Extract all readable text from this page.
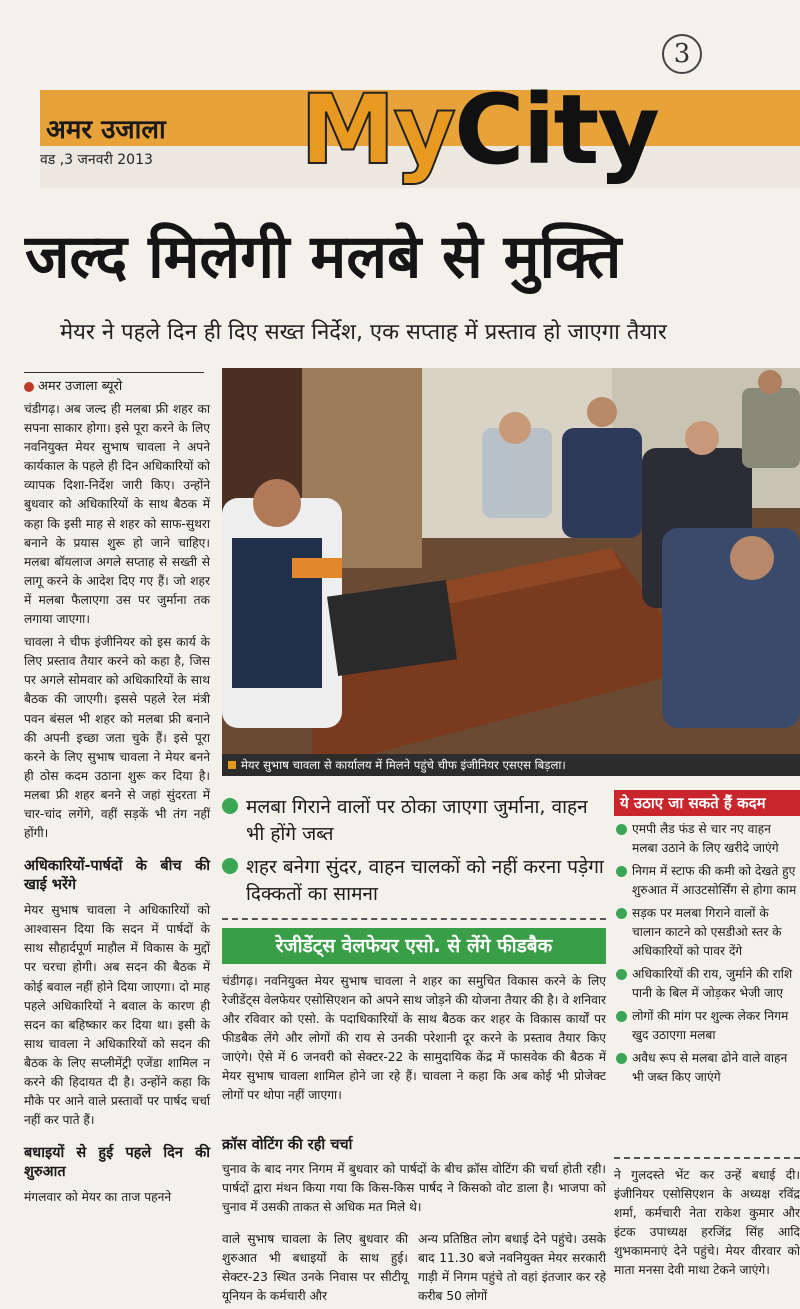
3
अमर उजाला
वड ,3 जनवरी 2013 MyCity
जल्द मिलेगी मलबे से मुक्ति
मेयर ने पहले दिन ही दिए सख्त निर्देश, एक सप्ताह में प्रस्ताव हो जाएगा तैयार
अमर उजाला ब्यूरो

चंडीगढ़। अब जल्द ही मलबा फ्री शहर का सपना साकार होगा। इसे पूरा करने के लिए नवनियुक्त मेयर सुभाष चावला ने अपने कार्यकाल के पहले ही दिन अधिकारियों को व्यापक दिशा-निर्देश जारी किए। उन्होंने बुधवार को अधिकारियों के साथ बैठक में कहा कि इसी माह से शहर को साफ-सुथरा बनाने के प्रयास शुरू हो जाने चाहिए। मलबा बॉयलाज अगले सप्ताह से सख्ती से लागू करने के आदेश दिए गए हैं। जो शहर में मलबा फैलाएगा उस पर जुर्माना तक लगाया जाएगा।

चावला ने चीफ इंजीनियर को इस कार्य के लिए प्रस्ताव तैयार करने को कहा है, जिस पर अगले सोमवार को अधिकारियों के साथ बैठक की जाएगी। इससे पहले रेल मंत्री पवन बंसल भी शहर को मलबा फ्री बनाने की अपनी इच्छा जता चुके हैं। इसे पूरा करने के लिए सुभाष चावला ने मेयर बनने ही ठोस कदम उठाना शुरू कर दिया है। मलबा फ्री शहर बनने से जहां सुंदरता में चार-चांद लगेंगे, वहीं सड़कें भी तंग नहीं होंगी।

अधिकारियों-पार्षदों के बीच की खाई भरेंगे

मेयर सुभाष चावला ने अधिकारियों को आश्वासन दिया कि सदन में पार्षदों के साथ सौहार्दपूर्ण माहौल में विकास के मुद्दों पर चरचा होगी। अब सदन की बैठक में कोई बवाल नहीं होने दिया जाएगा। दो माह पहले अधिकारियों ने बवाल के कारण ही सदन का बहिष्कार कर दिया था। इसी के साथ चावला ने अधिकारियों को सदन की बैठक के लिए सप्लीमेंट्री एजेंडा शामिल न करने की हिदायत दी है। उन्होंने कहा कि मौके पर आने वाले प्रस्तावों पर पार्षद चर्चा नहीं कर पाते हैं।

बधाइयों से हुई पहले दिन की शुरुआत

मंगलवार को मेयर का ताज पहनने

मेयर सुभाष चावला से कार्यालय में मिलने पहुंचे चीफ इंजीनियर एसएस बिड़ला।
मलबा गिराने वालों पर ठोका जाएगा जुर्माना, वाहन भी होंगे जब्त
शहर बनेगा सुंदर, वाहन चालकों को नहीं करना पड़ेगा दिक्कतों का सामना
रेजीडेंट्स वेलफेयर एसो. से लेंगे फीडबैक
चंडीगढ़। नवनियुक्त मेयर सुभाष चावला ने शहर का समुचित विकास करने के लिए रेजीडेंट्स वेलफेयर एसोसिएशन को अपने साथ जोड़ने की योजना तैयार की है। वे शनिवार और रविवार को एसो. के पदाधिकारियों के साथ बैठक कर शहर के विकास कार्यों पर फीडबैक लेंगे और लोगों की राय से उनकी परेशानी दूर करने के प्रस्ताव तैयार किए जाएंगे। ऐसे में 6 जनवरी को सेक्टर-22 के सामुदायिक केंद्र में फासवेक की बैठक में मेयर सुभाष चावला शामिल होने जा रहे हैं। चावला ने कहा कि अब कोई भी प्रोजेक्ट लोगों पर थोपा नहीं जाएगा।
क्रॉस वोटिंग की रही चर्चा
चुनाव के बाद नगर निगम में बुधवार को पार्षदों के बीच क्रॉस वोटिंग की चर्चा होती रही। पार्षदों द्वारा मंथन किया गया कि किस-किस पार्षद ने किसको वोट डाला है। भाजपा को चुनाव में उसकी ताकत से अधिक मत मिले थे।
वाले सुभाष चावला के लिए बुधवार की शुरुआत भी बधाइयों के साथ हुई। सेक्टर-23 स्थित उनके निवास पर सीटीयू यूनियन के कर्मचारी और
अन्य प्रतिष्ठित लोग बधाई देने पहुंचे। उसके बाद 11.30 बजे नवनियुक्त मेयर सरकारी गाड़ी में निगम पहुंचे तो वहां इंतजार कर रहे करीब 50 लोगों
ये उठाए जा सकते हैं कदम
एमपी लैड फंड से चार नए वाहन मलबा उठाने के लिए खरीदे जाएंगे
निगम में स्टाफ की कमी को देखते हुए शुरुआत में आउटसोर्सिंग से होगा काम
सड़क पर मलबा गिराने वालों के चालान काटने को एसडीओ स्तर के अधिकारियों को पावर देंगे
अधिकारियों की राय, जुर्माने की राशि पानी के बिल में जोड़कर भेजी जाए
लोगों की मांग पर शुल्क लेकर निगम खुद उठाएगा मलबा
अवैध रूप से मलबा ढोने वाले वाहन भी जब्त किए जाएंगे
ने गुलदस्ते भेंट कर उन्हें बधाई दी। इंजीनियर एसोसिएशन के अध्यक्ष रविंद्र शर्मा, कर्मचारी नेता राकेश कुमार और इंटक उपाध्यक्ष हरजिंद्र सिंह आदि शुभकामनाएं देने पहुंचे। मेयर वीरवार को माता मनसा देवी माथा टेकने जाएंगे।
